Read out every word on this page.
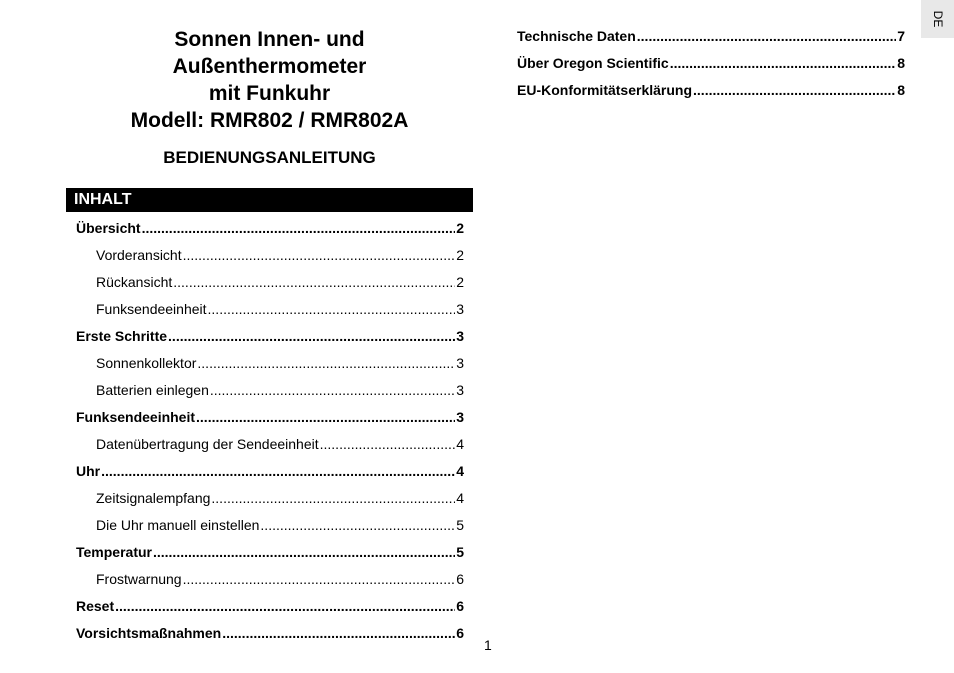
Sonnen Innen- und
Außenthermometer
mit Funkuhr
Modell: RMR802 / RMR802A
BEDIENUNGSANLEITUNG
INHALT
Übersicht .....	2
Vorderansicht .....	2
Rückansicht .....	2
Funksendeeinheit .....	3
Erste Schritte .....	3
Sonnenkollektor .....	3
Batterien einlegen .....	3
Funksendeeinheit .....	3
Datenübertragung der Sendeeinheit .....	4
Uhr .....	4
Zeitsignalempfang .....	4
Die Uhr manuell einstellen .....	5
Temperatur .....	5
Frostwarnung .....	6
Reset .....	6
Vorsichtsmaßnahmen .....	6
Technische Daten .....	7
Über Oregon Scientific .....	8
EU-Konformitätserklärung .....	8
DE
1
